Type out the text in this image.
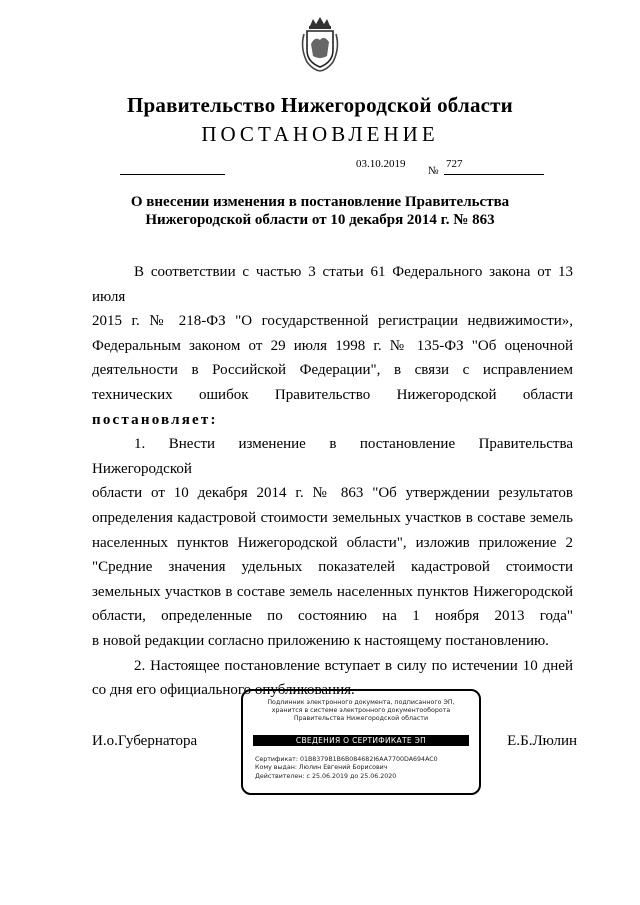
Правительство Нижегородской области
ПОСТАНОВЛЕНИЕ
03.10.2019
№
727
О внесении изменения в постановление Правительства
Нижегородской области от 10 декабря 2014 г. № 863

В соответствии с частью 3 статьи 61 Федерального закона от 13 июля

2015 г. № 218-ФЗ "О государственной регистрации недвижимости»,

Федеральным законом от 29 июля 1998 г. № 135-ФЗ "Об оценочной

деятельности в Российской Федерации", в связи с исправлением

технических ошибок Правительство Нижегородской области

постановляет:

1. Внести изменение в постановление Правительства Нижегородской

области от 10 декабря 2014 г. № 863 "Об утверждении результатов

определения кадастровой стоимости земельных участков в составе земель

населенных пунктов Нижегородской области", изложив приложение 2

"Средние значения удельных показателей кадастровой стоимости

земельных участков в составе земель населенных пунктов Нижегородской

области, определенные по состоянию на 1 ноября 2013 года"

в новой редакции согласно приложению к настоящему постановлению.

2. Настоящее постановление вступает в силу по истечении 10 дней

со дня его официального опубликования.

И.о.Губернатора	Е.Б.Люлин
Подлинник электронного документа, подписанного ЭП,
хранится в системе электронного документооборота
Правительства Нижегородской области
СВЕДЕНИЯ О СЕРТИФИКАТЕ ЭП
Сертификат: 01B8379B1B6B084682I6AA7700DA694AC0
Кому выдан: Люлин Евгений Борисович
Действителен: с 25.06.2019 до 25.06.2020
